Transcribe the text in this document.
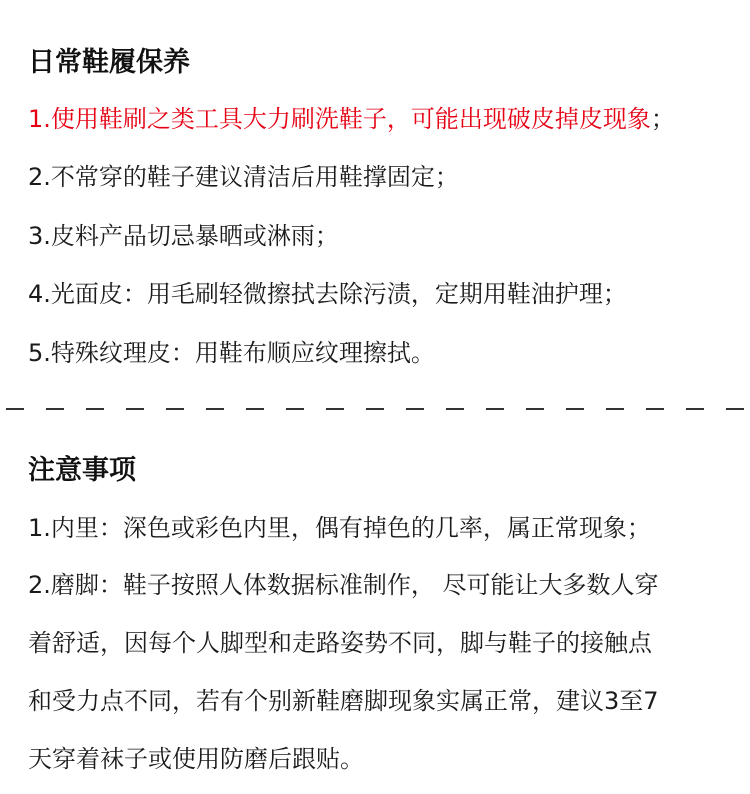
日常鞋履保养
1.使用鞋刷之类工具大力刷洗鞋子，可能出现破皮掉皮现象；
2.不常穿的鞋子建议清洁后用鞋撑固定；
3.皮料产品切忌暴晒或淋雨；
4.光面皮：用毛刷轻微擦拭去除污渍，定期用鞋油护理；
5.特殊纹理皮：用鞋布顺应纹理擦拭。
注意事项
1.内里：深色或彩色内里，偶有掉色的几率，属正常现象；
2.磨脚：鞋子按照人体数据标准制作， 尽可能让大多数人穿
着舒适，因每个人脚型和走路姿势不同，脚与鞋子的接触点
和受力点不同，若有个别新鞋磨脚现象实属正常，建议3至7
天穿着袜子或使用防磨后跟贴。
